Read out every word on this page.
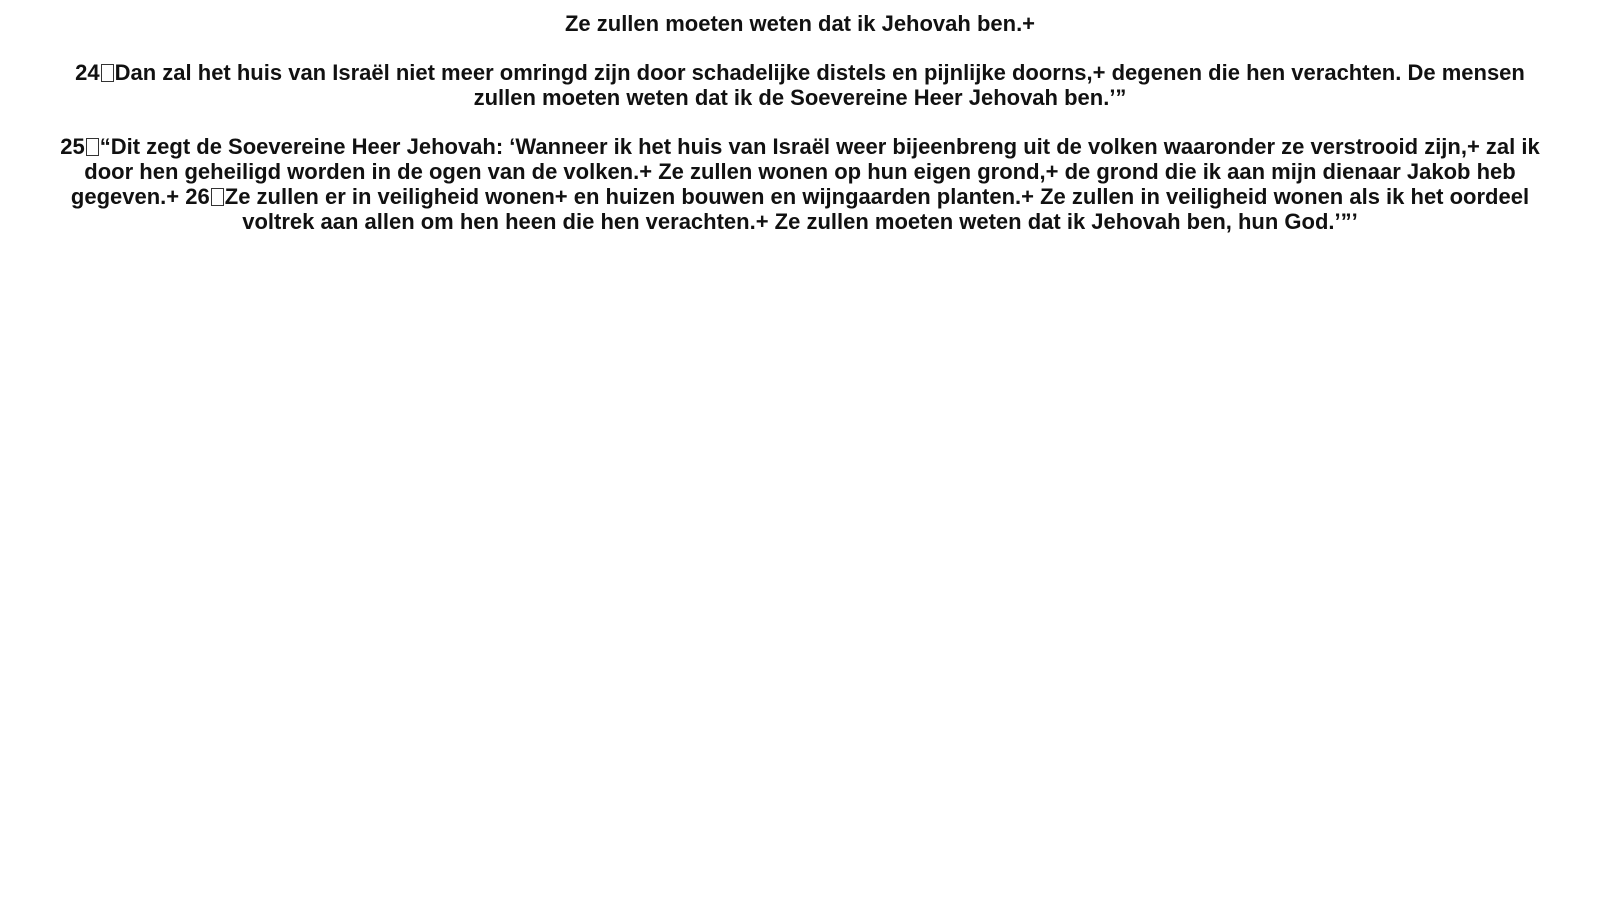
Ze zullen moeten weten dat ik Jehovah ben.+

24 Dan zal het huis van Israël niet meer omringd zijn door schadelijke distels en pijnlijke doorns,+ degenen die hen verachten. De mensen zullen moeten weten dat ik de Soevereine Heer Jehovah ben.’”

25 “Dit zegt de Soevereine Heer Jehovah: ‘Wanneer ik het huis van Israël weer bijeenbreng uit de volken waaronder ze verstrooid zijn,+ zal ik door hen geheiligd worden in de ogen van de volken.+ Ze zullen wonen op hun eigen grond,+ de grond die ik aan mijn dienaar Jakob heb gegeven.+ 26 Ze zullen er in veiligheid wonen+ en huizen bouwen en wijngaarden planten.+ Ze zullen in veiligheid wonen als ik het oordeel voltrek aan allen om hen heen die hen verachten.+ Ze zullen moeten weten dat ik Jehovah ben, hun God.’”’
